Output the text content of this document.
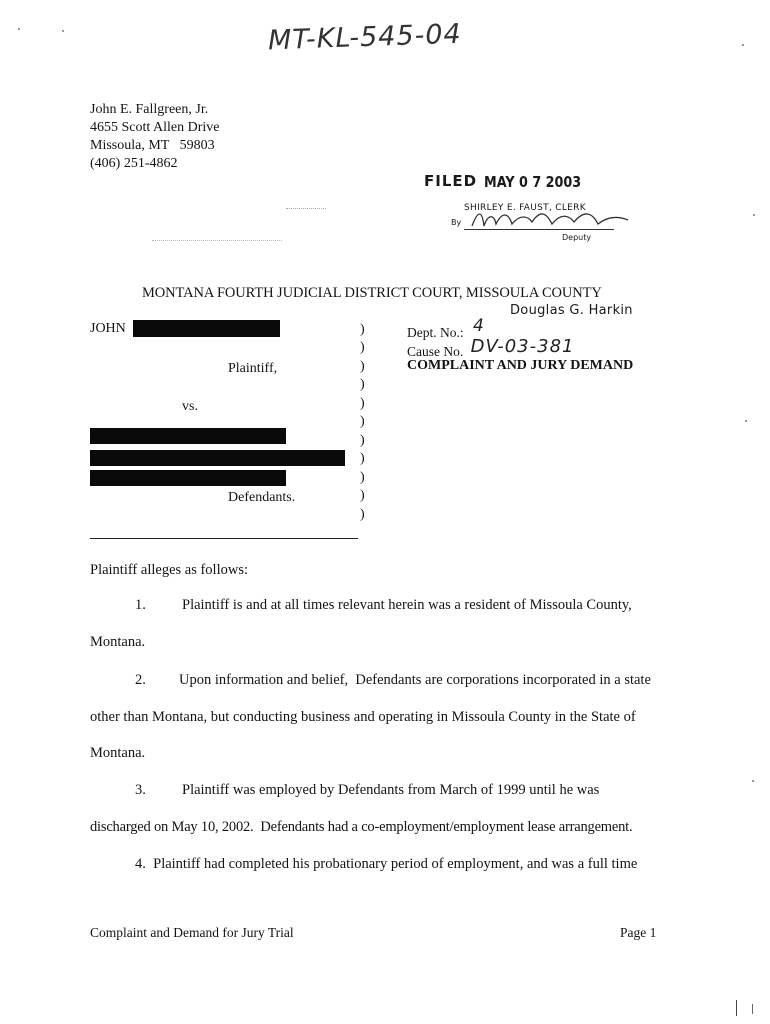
MT-KL-545-04
John E. Fallgreen, Jr.
4655 Scott Allen Drive
Missoula, MT   59803
(406) 251-4862
FILED MAY 0 7 2003
SHIRLEY E. FAUST, CLERK
By
Deputy
MONTANA FOURTH JUDICIAL DISTRICT COURT, MISSOULA COUNTY
Douglas G. Harkin
JOHN
Plaintiff,
vs.
Defendants.
)
)
)
)
)
)
)
)
)
)
)
Dept. No.: 4
Cause No. DV-03-381
COMPLAINT AND JURY DEMAND
Plaintiff alleges as follows:
1. Plaintiff is and at all times relevant herein was a resident of Missoula County,
Montana.
2. Upon information and belief,  Defendants are corporations incorporated in a state
other than Montana, but conducting business and operating in Missoula County in the State of
Montana.
3. Plaintiff was employed by Defendants from March of 1999 until he was
discharged on May 10, 2002.  Defendants had a co-employment/employment lease arrangement.
4.  Plaintiff had completed his probationary period of employment, and was a full time
Complaint and Demand for Jury Trial	Page 1
